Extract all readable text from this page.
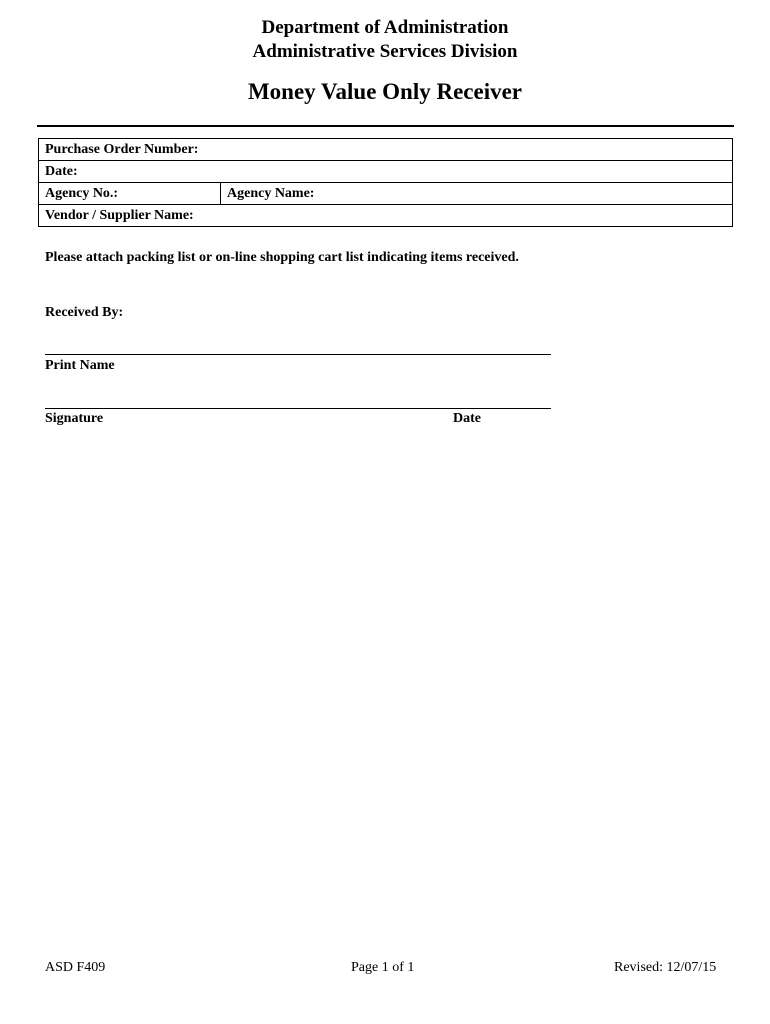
Department of Administration
Administrative Services Division
Money Value Only Receiver
Purchase Order Number:
Date:
Agency No.:	Agency Name:
Vendor / Supplier Name:
Please attach packing list or on-line shopping cart list indicating items received.
Received By:
Print Name
Signature	Date
ASD F409	Page 1 of 1	Revised: 12/07/15
